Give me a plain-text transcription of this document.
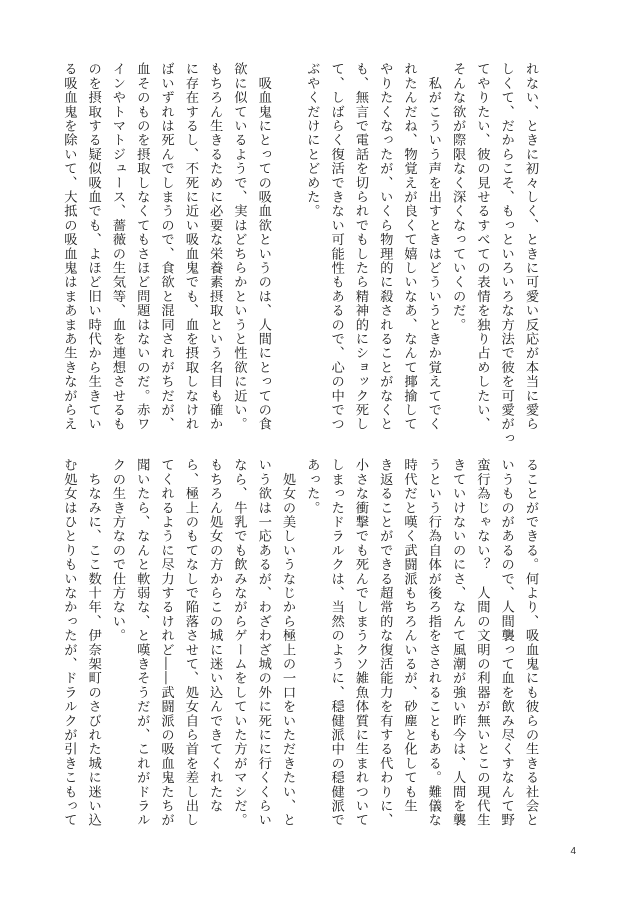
れない、ときに初々しく、ときに可愛い反応が本当に愛ら

しくて、だからこそ、もっといろいろな方法で彼を可愛がっ

てやりたい、彼の見せるすべての表情を独り占めしたい、

そんな欲が際限なく深くなっていくのだ。

　私がこういう声を出すときはどういうときか覚えてでく

れたんだね、物覚えが良くて嬉しいなあ、なんて揶揄して

やりたくなったが、いくら物理的に殺されることがなくと

も、無言で電話を切られでもしたら精神的にショック死し

て、しばらく復活できない可能性もあるので、心の中でつ

ぶやくだけにとどめた。

　吸血鬼にとっての吸血欲というのは、人間にとっての食

欲に似ているようで、実はどちらかというと性欲に近い。

もちろん生きるために必要な栄養素摂取という名目も確か

に存在するし、不死に近い吸血鬼でも、血を摂取しなけれ

ばいずれは死んでしまうので、食欲と混同されがちだが、

血そのものを摂取しなくてもさほど問題はないのだ。赤ワ

インやトマトジュース、薔薇の生気等、血を連想させるも

のを摂取する疑似吸血でも、よほど旧い時代から生きてい

る吸血鬼を除いて、大抵の吸血鬼はまあまあ生きながらえ

ることができる。何より、吸血鬼にも彼らの生きる社会と

いうものがあるので、人間襲って血を飲み尽くすなんて野

蛮行為じゃない？　人間の文明の利器が無いとこの現代生

きていけないのにさ、なんて風潮が強い昨今は、人間を襲

うという行為自体が後ろ指をさされることもある。難儀な

時代だと嘆く武闘派もちろんいるが、砂塵と化しても生

き返ることができる超常的な復活能力を有する代わりに、

小さな衝撃でも死んでしまうクソ雑魚体質に生まれついて

しまったドラルクは、当然のように、穏健派中の穏健派で

あった。

　処女の美しいうなじから極上の一口をいただきたい、と

いう欲は一応あるが、わざわざ城の外に死にに行くくらい

なら、牛乳でも飲みながらゲームをしていた方がマシだ。

もちろん処女の方からこの城に迷い込んできてくれたな

ら、極上のもてなしで陥落させて、処女自ら首を差し出し

てくれるように尽力するけれど――武闘派の吸血鬼たちが

聞いたら、なんと軟弱な、と嘆きそうだが、これがドラル

クの生き方なので仕方ない。

　ちなみに、ここ数十年、伊奈架町のさびれた城に迷い込

む処女はひとりもいなかったが、ドラルクが引きこもって

4
